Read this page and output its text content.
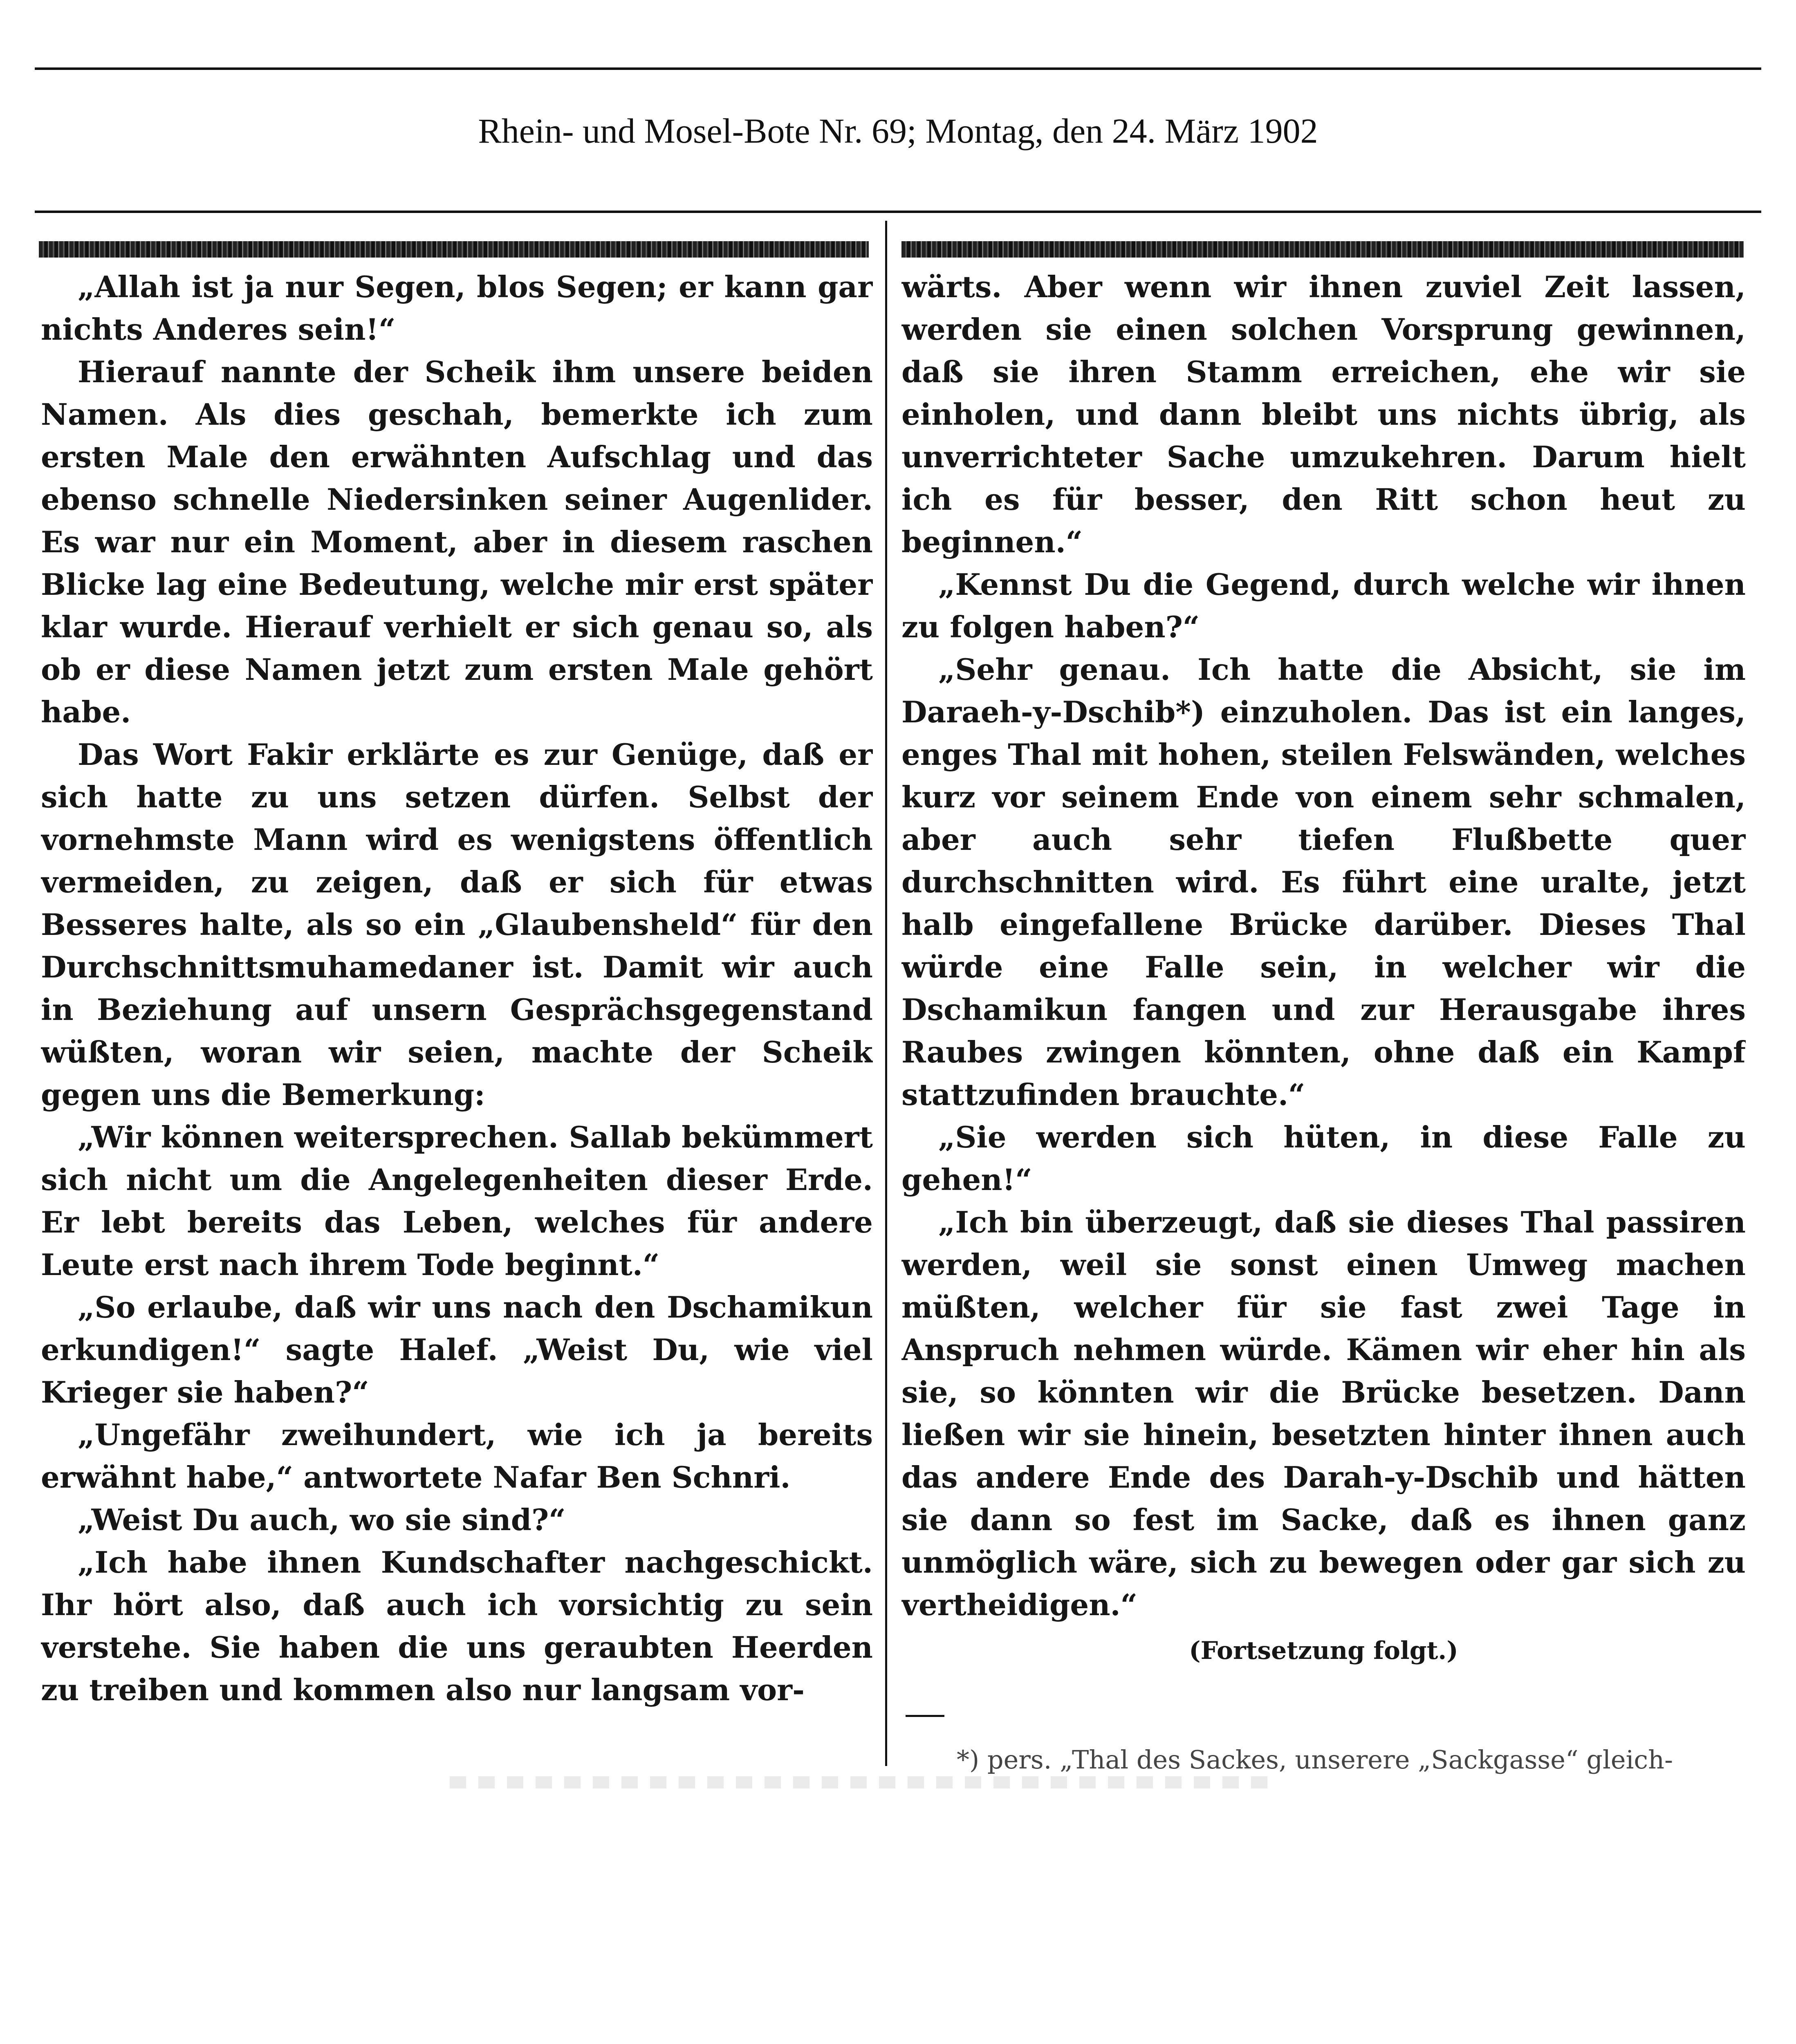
Rhein- und Mosel-Bote Nr. 69; Montag, den 24. März 1902

„Allah ist ja nur Segen, blos Segen; er kann gar nichts Anderes sein!“

Hierauf nannte der Scheik ihm unsere beiden Namen. Als dies geschah, bemerkte ich zum ersten Male den erwähnten Aufschlag und das ebenso schnelle Niedersinken seiner Augenlider. Es war nur ein Moment, aber in diesem raschen Blicke lag eine Bedeutung, welche mir erst später klar wurde. Hierauf verhielt er sich genau so, als ob er diese Namen jetzt zum ersten Male gehört habe.

Das Wort Fakir erklärte es zur Genüge, daß er sich hatte zu uns setzen dürfen. Selbst der vornehmste Mann wird es wenigstens öffentlich vermeiden, zu zeigen, daß er sich für etwas Besseres halte, als so ein „Glaubensheld“ für den Durchschnittsmuhamedaner ist. Damit wir auch in Beziehung auf unsern Gesprächsgegenstand wüßten, woran wir seien, machte der Scheik gegen uns die Bemerkung:

„Wir können weitersprechen. Sallab bekümmert sich nicht um die Angelegenheiten dieser Erde. Er lebt bereits das Leben, welches für andere Leute erst nach ihrem Tode beginnt.“

„So erlaube, daß wir uns nach den Dschamikun erkundigen!“ sagte Halef. „Weist Du, wie viel Krieger sie haben?“

„Ungefähr zweihundert, wie ich ja bereits erwähnt habe,“ antwortete Nafar Ben Schnri.

„Weist Du auch, wo sie sind?“

„Ich habe ihnen Kundschafter nachgeschickt. Ihr hört also, daß auch ich vorsichtig zu sein verstehe. Sie haben die uns geraubten Heerden zu treiben und kommen also nur langsam vor-

wärts. Aber wenn wir ihnen zuviel Zeit lassen, werden sie einen solchen Vorsprung gewinnen, daß sie ihren Stamm erreichen, ehe wir sie einholen, und dann bleibt uns nichts übrig, als unverrichteter Sache umzukehren. Darum hielt ich es für besser, den Ritt schon heut zu beginnen.“

„Kennst Du die Gegend, durch welche wir ihnen zu folgen haben?“

„Sehr genau. Ich hatte die Absicht, sie im Daraeh-y-Dschib*) einzuholen. Das ist ein langes, enges Thal mit hohen, steilen Felswänden, welches kurz vor seinem Ende von einem sehr schmalen, aber auch sehr tiefen Flußbette quer durchschnitten wird. Es führt eine uralte, jetzt halb eingefallene Brücke darüber. Dieses Thal würde eine Falle sein, in welcher wir die Dschamikun fangen und zur Herausgabe ihres Raubes zwingen könnten, ohne daß ein Kampf stattzufinden brauchte.“

„Sie werden sich hüten, in diese Falle zu gehen!“

„Ich bin überzeugt, daß sie dieses Thal passiren werden, weil sie sonst einen Umweg machen müßten, welcher für sie fast zwei Tage in Anspruch nehmen würde. Kämen wir eher hin als sie, so könnten wir die Brücke besetzen. Dann ließen wir sie hinein, besetzten hinter ihnen auch das andere Ende des Darah-y-Dschib und hätten sie dann so fest im Sacke, daß es ihnen ganz unmöglich wäre, sich zu bewegen oder gar sich zu vertheidigen.“

(Fortsetzung folgt.)

*) pers. „Thal des Sackes, unserere „Sackgasse“ gleich-
